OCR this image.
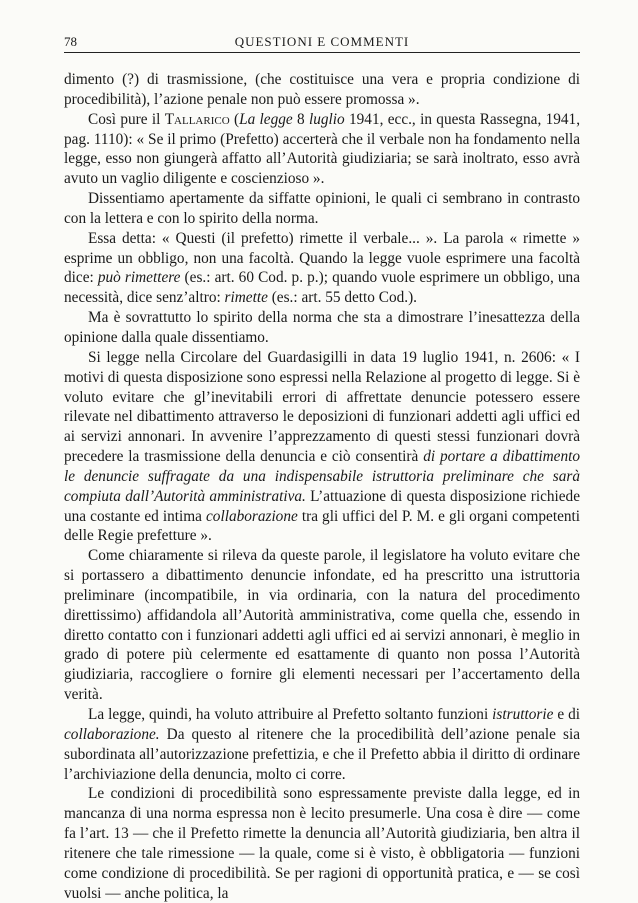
78	QUESTIONI E COMMENTI

dimento (?) di trasmissione, (che costituisce una vera e propria condizione di procedibilità), l’azione penale non può essere promossa ».

Così pure il Tallarico (La legge 8 luglio 1941, ecc., in questa Rassegna, 1941, pag. 1110): « Se il primo (Prefetto) accerterà che il verbale non ha fondamento nella legge, esso non giungerà affatto all’Autorità giudiziaria; se sarà inoltrato, esso avrà avuto un vaglio diligente e coscienzioso ».

Dissentiamo apertamente da siffatte opinioni, le quali ci sembrano in contrasto con la lettera e con lo spirito della norma.

Essa detta: « Questi (il prefetto) rimette il verbale... ». La parola « rimette » esprime un obbligo, non una facoltà. Quando la legge vuole esprimere una facoltà dice: può rimettere (es.: art. 60 Cod. p. p.); quando vuole esprimere un obbligo, una necessità, dice senz’altro: rimette (es.: art. 55 detto Cod.).

Ma è sovrattutto lo spirito della norma che sta a dimostrare l’inesattezza della opinione dalla quale dissentiamo.

Si legge nella Circolare del Guardasigilli in data 19 luglio 1941, n. 2606: « I motivi di questa disposizione sono espressi nella Relazione al progetto di legge. Si è voluto evitare che gl’inevitabili errori di affrettate denuncie potessero essere rilevate nel dibattimento attraverso le deposizioni di funzionari addetti agli uffici ed ai servizi annonari. In avvenire l’apprezzamento di questi stessi funzionari dovrà precedere la trasmissione della denuncia e ciò consentirà di portare a dibattimento le denuncie suffragate da una indispensabile istruttoria preliminare che sarà compiuta dall’Autorità amministrativa. L’attuazione di questa disposizione richiede una costante ed intima collaborazione tra gli uffici del P. M. e gli organi competenti delle Regie prefetture ».

Come chiaramente si rileva da queste parole, il legislatore ha voluto evitare che si portassero a dibattimento denuncie infondate, ed ha prescritto una istruttoria preliminare (incompatibile, in via ordinaria, con la natura del procedimento direttissimo) affidandola all’Autorità amministrativa, come quella che, essendo in diretto contatto con i funzionari addetti agli uffici ed ai servizi annonari, è meglio in grado di potere più celermente ed esattamente di quanto non possa l’Autorità giudiziaria, raccogliere o fornire gli elementi necessari per l’accertamento della verità.

La legge, quindi, ha voluto attribuire al Prefetto soltanto funzioni istruttorie e di collaborazione. Da questo al ritenere che la procedibilità dell’azione penale sia subordinata all’autorizzazione prefettizia, e che il Prefetto abbia il diritto di ordinare l’archiviazione della denuncia, molto ci corre.

Le condizioni di procedibilità sono espressamente previste dalla legge, ed in mancanza di una norma espressa non è lecito presumerle. Una cosa è dire — come fa l’art. 13 — che il Prefetto rimette la denuncia all’Autorità giudiziaria, ben altra il ritenere che tale rimessione — la quale, come si è visto, è obbligatoria — funzioni come condizione di procedibilità. Se per ragioni di opportunità pratica, e — se così vuolsi — anche politica, la
